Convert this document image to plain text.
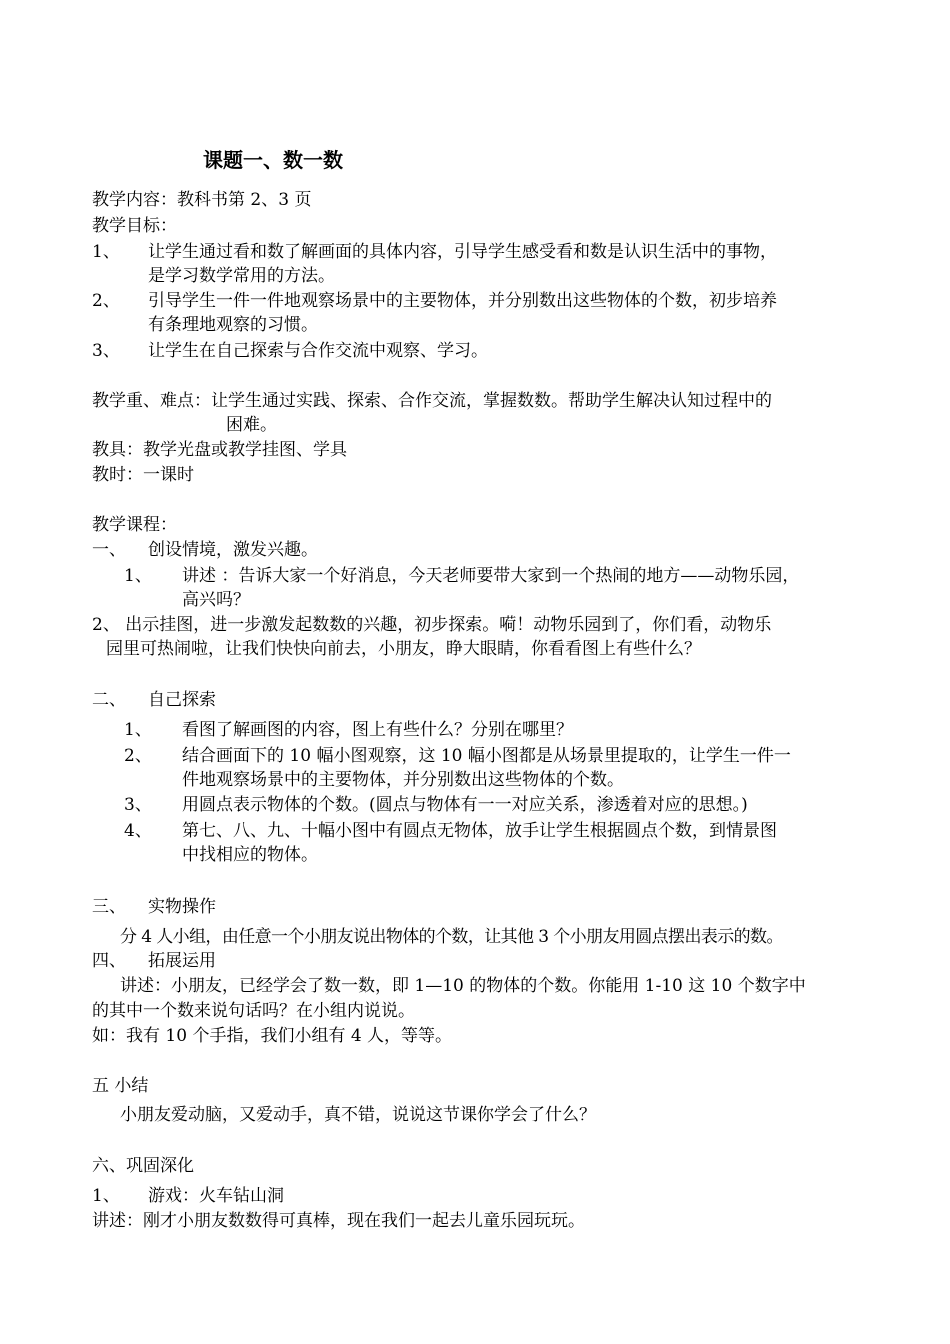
课题一、数一数
教学内容：教科书第 2、3 页
教学目标：
1、 让学生通过看和数了解画面的具体内容，引导学生感受看和数是认识生活中的事物，
是学习数学常用的方法。
2、 引导学生一件一件地观察场景中的主要物体，并分别数出这些物体的个数，初步培养
有条理地观察的习惯。
3、 让学生在自己探索与合作交流中观察、学习。
教学重、难点：让学生通过实践、探索、合作交流，掌握数数。帮助学生解决认知过程中的
困难。
教具：教学光盘或教学挂图、学具
教时：一课时
教学课程：
一、 创设情境，激发兴趣。
1、 讲述 ：告诉大家一个好消息，今天老师要带大家到一个热闹的地方——动物乐园，
高兴吗？
2、 出示挂图，进一步激发起数数的兴趣，初步探索。嗬！动物乐园到了，你们看，动物乐
园里可热闹啦，让我们快快向前去，小朋友，睁大眼睛，你看看图上有些什么？
二、 自己探索
1、 看图了解画图的内容，图上有些什么？分别在哪里？
2、 结合画面下的 10 幅小图观察，这 10 幅小图都是从场景里提取的，让学生一件一
件地观察场景中的主要物体，并分别数出这些物体的个数。
3、 用圆点表示物体的个数。(圆点与物体有一一对应关系，渗透着对应的思想。)
4、 第七、八、九、十幅小图中有圆点无物体，放手让学生根据圆点个数，到情景图
中找相应的物体。
三、 实物操作
分 4 人小组，由任意一个小朋友说出物体的个数，让其他 3 个小朋友用圆点摆出表示的数。
四、 拓展运用
讲述：小朋友，已经学会了数一数，即 1—10 的物体的个数。你能用 1-10 这 10 个数字中
的其中一个数来说句话吗？在小组内说说。
如：我有 10 个手指，我们小组有 4 人，等等。
五 小结
小朋友爱动脑，又爱动手，真不错，说说这节课你学会了什么？
六、巩固深化
1、 游戏：火车钻山洞
讲述：刚才小朋友数数得可真棒，现在我们一起去儿童乐园玩玩。
